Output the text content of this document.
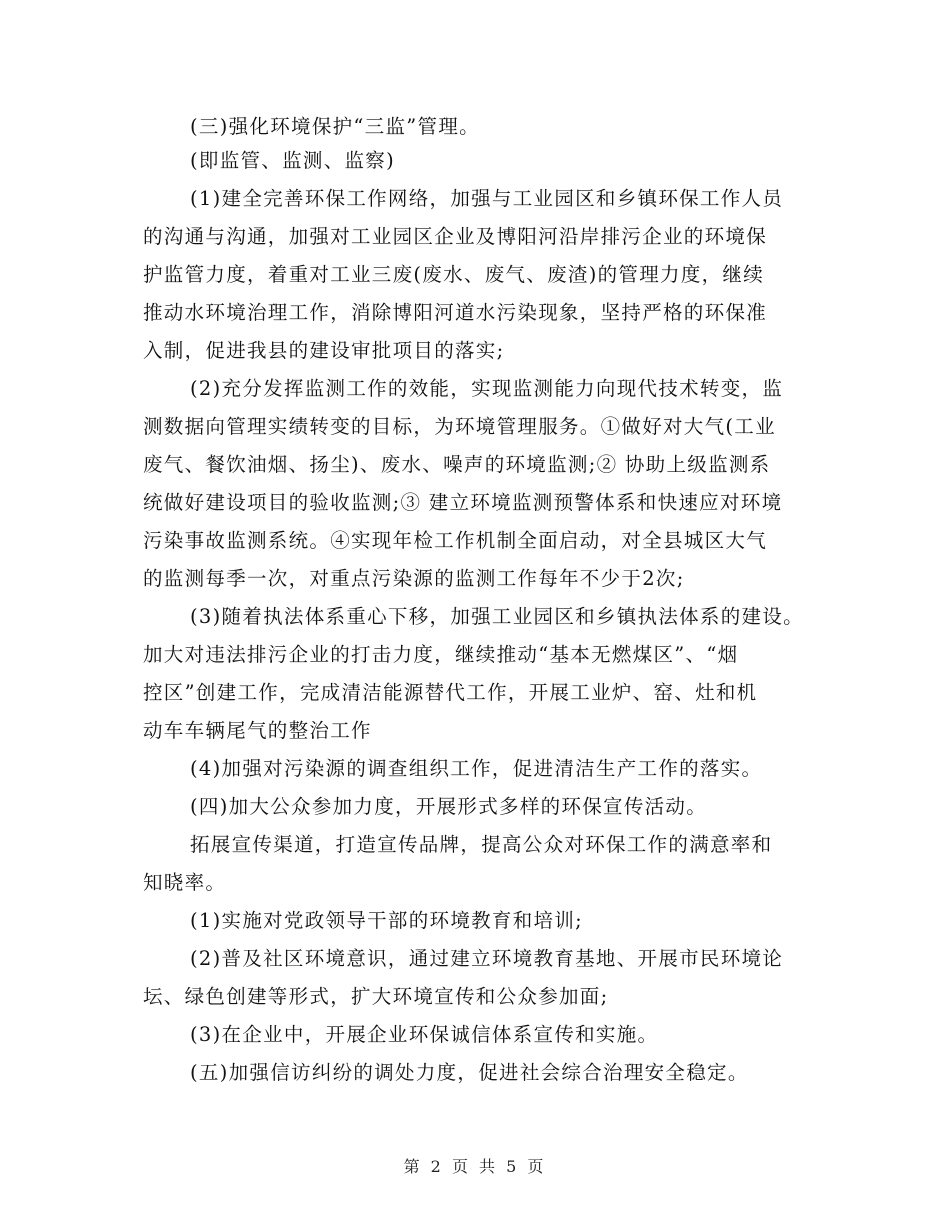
(三)强化环境保护“三监”管理。
(即监管、监测、监察)
(1)建全完善环保工作网络，加强与工业园区和乡镇环保工作人员
的沟通与沟通，加强对工业园区企业及博阳河沿岸排污企业的环境保
护监管力度，着重对工业三废(废水、废气、废渣)的管理力度，继续
推动水环境治理工作，消除博阳河道水污染现象，坚持严格的环保准
入制，促进我县的建设审批项目的落实;
(2)充分发挥监测工作的效能，实现监测能力向现代技术转变，监
测数据向管理实绩转变的目标，为环境管理服务。①做好对大气(工业
废气、餐饮油烟、扬尘)、废水、噪声的环境监测;② 协助上级监测系
统做好建设项目的验收监测;③ 建立环境监测预警体系和快速应对环境
污染事故监测系统。④实现年检工作机制全面启动，对全县城区大气
的监测每季一次，对重点污染源的监测工作每年不少于2次;
(3)随着执法体系重心下移，加强工业园区和乡镇执法体系的建设。
加大对违法排污企业的打击力度，继续推动“基本无燃煤区”、“烟
控区”创建工作，完成清洁能源替代工作，开展工业炉、窑、灶和机
动车车辆尾气的整治工作
(4)加强对污染源的调查组织工作，促进清洁生产工作的落实。
(四)加大公众参加力度，开展形式多样的环保宣传活动。
拓展宣传渠道，打造宣传品牌，提高公众对环保工作的满意率和
知晓率。
(1)实施对党政领导干部的环境教育和培训;
(2)普及社区环境意识，通过建立环境教育基地、开展市民环境论
坛、绿色创建等形式，扩大环境宣传和公众参加面;
(3)在企业中，开展企业环保诚信体系宣传和实施。
(五)加强信访纠纷的调处力度，促进社会综合治理安全稳定。
第 2 页 共 5 页
